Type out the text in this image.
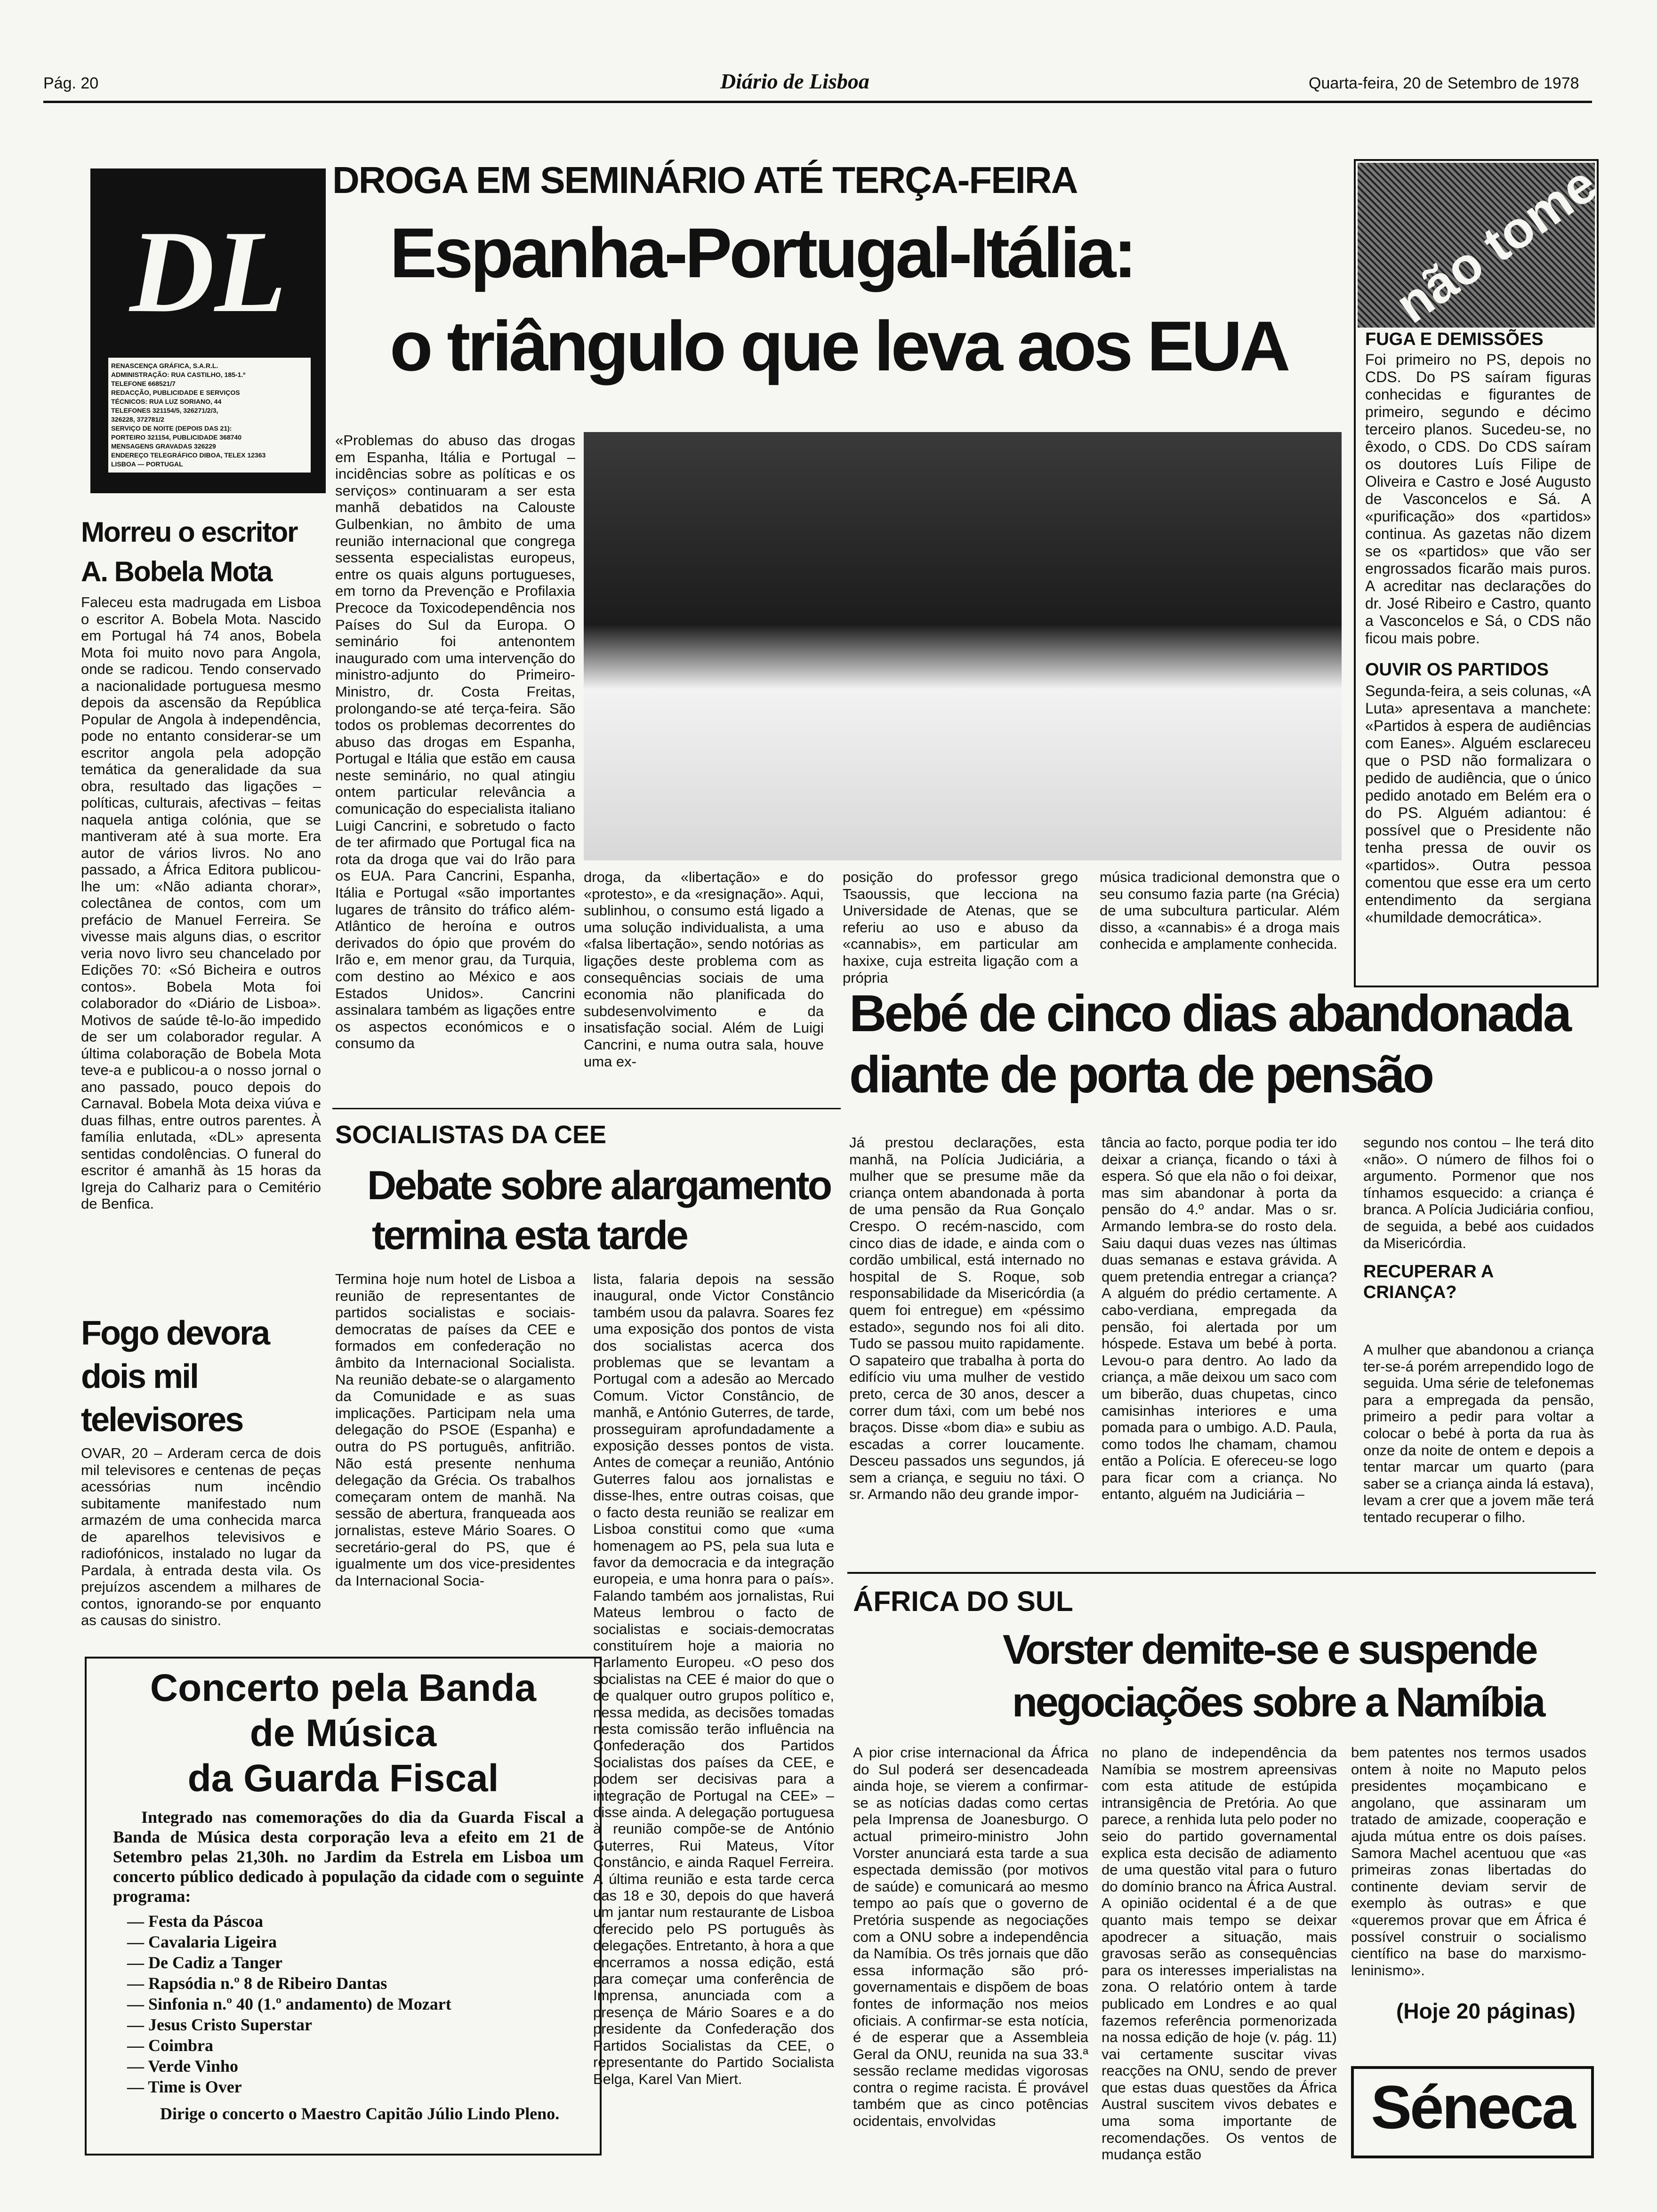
Pág. 20	Diário de Lisboa	Quarta-feira, 20 de Setembro de 1978
DL
RENASCENÇA GRÁFICA, S.A.R.L.
ADMINISTRAÇÃO: RUA CASTILHO, 185-1.º
TELEFONE 668521/7
REDACÇÃO, PUBLICIDADE E SERVIÇOS
TÉCNICOS: RUA LUZ SORIANO, 44
TELEFONES 321154/5, 326271/2/3,
326228, 372781/2
SERVIÇO DE NOITE (DEPOIS DAS 21):
PORTEIRO 321154, PUBLICIDADE 368740
MENSAGENS GRAVADAS 326229
ENDEREÇO TELEGRÁFICO DIBOA, TELEX 12363
LISBOA — PORTUGAL
DROGA EM SEMINÁRIO ATÉ TERÇA-FEIRA
Espanha-Portugal-Itália:
o triângulo que leva aos EUA
não tome
FUGA E DEMISSÕES
Foi primeiro no PS, depois no CDS. Do PS saíram figuras conhecidas e figurantes de primeiro, segundo e décimo terceiro planos. Sucedeu-se, no êxodo, o CDS. Do CDS saíram os doutores Luís Filipe de Oliveira e Castro e José Augusto de Vasconcelos e Sá. A «purificação» dos «partidos» continua. As gazetas não dizem se os «partidos» que vão ser engrossados ficarão mais puros. A acreditar nas declarações do dr. José Ribeiro e Castro, quanto a Vasconcelos e Sá, o CDS não ficou mais pobre.
OUVIR OS PARTIDOS
Segunda-feira, a seis colunas, «A Luta» apresentava a manchete: «Partidos à espera de audiências com Eanes». Alguém esclareceu que o PSD não formalizara o pedido de audiência, que o único pedido anotado em Belém era o do PS. Alguém adiantou: é possível que o Presidente não tenha pressa de ouvir os «partidos». Outra pessoa comentou que esse era um certo entendimento da sergiana «humildade democrática».
Morreu o escritor
A. Bobela Mota
Faleceu esta madrugada em Lisboa o escritor A. Bobela Mota. Nascido em Portugal há 74 anos, Bobela Mota foi muito novo para Angola, onde se radicou. Tendo conservado a nacionalidade portuguesa mesmo depois da ascensão da República Popular de Angola à independência, pode no entanto considerar-se um escritor angola pela adopção temática da generalidade da sua obra, resultado das ligações – políticas, culturais, afectivas – feitas naquela antiga colónia, que se mantiveram até à sua morte. Era autor de vários livros. No ano passado, a África Editora publicou-lhe um: «Não adianta chorar», colectânea de contos, com um prefácio de Manuel Ferreira. Se vivesse mais alguns dias, o escritor veria novo livro seu chancelado por Edições 70: «Só Bicheira e outros contos». Bobela Mota foi colaborador do «Diário de Lisboa». Motivos de saúde tê-lo-ão impedido de ser um colaborador regular. A última colaboração de Bobela Mota teve-a e publicou-a o nosso jornal o ano passado, pouco depois do Carnaval. Bobela Mota deixa viúva e duas filhas, entre outros parentes. À família enlutada, «DL» apresenta sentidas condolências. O funeral do escritor é amanhã às 15 horas da Igreja do Calhariz para o Cemitério de Benfica.
Fogo devora
dois mil
televisores
OVAR, 20 – Arderam cerca de dois mil televisores e centenas de peças acessórias num incêndio subitamente manifestado num armazém de uma conhecida marca de aparelhos televisivos e radiofónicos, instalado no lugar da Pardala, à entrada desta vila. Os prejuízos ascendem a milhares de contos, ignorando-se por enquanto as causas do sinistro.
«Problemas do abuso das drogas em Espanha, Itália e Portugal – incidências sobre as políticas e os serviços» continuaram a ser esta manhã debatidos na Calouste Gulbenkian, no âmbito de uma reunião internacional que congrega sessenta especialistas europeus, entre os quais alguns portugueses, em torno da Prevenção e Profilaxia Precoce da Toxicodependência nos Países do Sul da Europa. O seminário foi antenontem inaugurado com uma intervenção do ministro-adjunto do Primeiro-Ministro, dr. Costa Freitas, prolongando-se até terça-feira. São todos os problemas decorrentes do abuso das drogas em Espanha, Portugal e Itália que estão em causa neste seminário, no qual atingiu ontem particular relevância a comunicação do especialista italiano Luigi Cancrini, e sobretudo o facto de ter afirmado que Portugal fica na rota da droga que vai do Irão para os EUA. Para Cancrini, Espanha, Itália e Portugal «são importantes lugares de trânsito do tráfico além-Atlântico de heroína e outros derivados do ópio que provém do Irão e, em menor grau, da Turquia, com destino ao México e aos Estados Unidos». Cancrini assinalara também as ligações entre os aspectos económicos e o consumo da
droga, da «libertação» e do «protesto», e da «resignação». Aqui, sublinhou, o consumo está ligado a uma solução individualista, a uma «falsa libertação», sendo notórias as ligações deste problema com as consequências sociais de uma economia não planificada do subdesenvolvimento e da insatisfação social. Além de Luigi Cancrini, e numa outra sala, houve uma ex-
posição do professor grego Tsaoussis, que lecciona na Universidade de Atenas, que se referiu ao uso e abuso da «cannabis», em particular am haxixe, cuja estreita ligação com a própria
música tradicional demonstra que o seu consumo fazia parte (na Grécia) de uma subcultura particular. Além disso, a «cannabis» é a droga mais conhecida e amplamente conhecida.
SOCIALISTAS DA CEE
Debate sobre alargamento
termina esta tarde
Termina hoje num hotel de Lisboa a reunião de representantes de partidos socialistas e sociais-democratas de países da CEE e formados em confederação no âmbito da Internacional Socialista. Na reunião debate-se o alargamento da Comunidade e as suas implicações. Participam nela uma delegação do PSOE (Espanha) e outra do PS português, anfitrião. Não está presente nenhuma delegação da Grécia. Os trabalhos começaram ontem de manhã. Na sessão de abertura, franqueada aos jornalistas, esteve Mário Soares. O secretário-geral do PS, que é igualmente um dos vice-presidentes da Internacional Socia-
lista, falaria depois na sessão inaugural, onde Victor Constâncio também usou da palavra. Soares fez uma exposição dos pontos de vista dos socialistas acerca dos problemas que se levantam a Portugal com a adesão ao Mercado Comum. Victor Constâncio, de manhã, e António Guterres, de tarde, prosseguiram aprofundadamente a exposição desses pontos de vista. Antes de começar a reunião, António Guterres falou aos jornalistas e disse-lhes, entre outras coisas, que o facto desta reunião se realizar em Lisboa constitui como que «uma homenagem ao PS, pela sua luta e favor da democracia e da integração europeia, e uma honra para o país». Falando também aos jornalistas, Rui Mateus lembrou o facto de socialistas e sociais-democratas constituírem hoje a maioria no Parlamento Europeu. «O peso dos socialistas na CEE é maior do que o de qualquer outro grupos político e, nessa medida, as decisões tomadas nesta comissão terão influência na Confederação dos Partidos Socialistas dos países da CEE, e podem ser decisivas para a integração de Portugal na CEE» – disse ainda. A delegação portuguesa à reunião compõe-se de António Guterres, Rui Mateus, Vítor Constâncio, e ainda Raquel Ferreira. A última reunião e esta tarde cerca das 18 e 30, depois do que haverá um jantar num restaurante de Lisboa oferecido pelo PS português às delegações. Entretanto, à hora a que encerramos a nossa edição, está para começar uma conferência de Imprensa, anunciada com a presença de Mário Soares e a do presidente da Confederação dos Partidos Socialistas da CEE, o representante do Partido Socialista Belga, Karel Van Miert.
Concerto pela Banda
de Música
da Guarda Fiscal
Integrado nas comemorações do dia da Guarda Fiscal a Banda de Música desta corporação leva a efeito em 21 de Setembro pelas 21,30h. no Jardim da Estrela em Lisboa um concerto público dedicado à população da cidade com o seguinte programa:
— Festa da Páscoa
— Cavalaria Ligeira
— De Cadiz a Tanger
— Rapsódia n.º 8 de Ribeiro Dantas
— Sinfonia n.º 40 (1.º andamento) de Mozart
— Jesus Cristo Superstar
— Coimbra
— Verde Vinho
— Time is Over
Dirige o concerto o Maestro Capitão Júlio Lindo Pleno.
Bebé de cinco dias abandonada
diante de porta de pensão
Já prestou declarações, esta manhã, na Polícia Judiciária, a mulher que se presume mãe da criança ontem abandonada à porta de uma pensão da Rua Gonçalo Crespo. O recém-nascido, com cinco dias de idade, e ainda com o cordão umbilical, está internado no hospital de S. Roque, sob responsabilidade da Misericórdia (a quem foi entregue) em «péssimo estado», segundo nos foi ali dito. Tudo se passou muito rapidamente. O sapateiro que trabalha à porta do edifício viu uma mulher de vestido preto, cerca de 30 anos, descer a correr dum táxi, com um bebé nos braços. Disse «bom dia» e subiu as escadas a correr loucamente. Desceu passados uns segundos, já sem a criança, e seguiu no táxi. O sr. Armando não deu grande impor-
tância ao facto, porque podia ter ido deixar a criança, ficando o táxi à espera. Só que ela não o foi deixar, mas sim abandonar à porta da pensão do 4.º andar. Mas o sr. Armando lembra-se do rosto dela. Saiu daqui duas vezes nas últimas duas semanas e estava grávida. A quem pretendia entregar a criança? A alguém do prédio certamente. A cabo-verdiana, empregada da pensão, foi alertada por um hóspede. Estava um bebé à porta. Levou-o para dentro. Ao lado da criança, a mãe deixou um saco com um biberão, duas chupetas, cinco camisinhas interiores e uma pomada para o umbigo. A.D. Paula, como todos lhe chamam, chamou então a Polícia. E ofereceu-se logo para ficar com a criança. No entanto, alguém na Judiciária –
segundo nos contou – lhe terá dito «não». O número de filhos foi o argumento. Pormenor que nos tínhamos esquecido: a criança é branca. A Polícia Judiciária confiou, de seguida, a bebé aos cuidados da Misericórdia.
RECUPERAR A CRIANÇA?
A mulher que abandonou a criança ter-se-á porém arrependido logo de seguida. Uma série de telefonemas para a empregada da pensão, primeiro a pedir para voltar a colocar o bebé à porta da rua às onze da noite de ontem e depois a tentar marcar um quarto (para saber se a criança ainda lá estava), levam a crer que a jovem mãe terá tentado recuperar o filho.
ÁFRICA DO SUL
Vorster demite-se e suspende
negociações sobre a Namíbia
A pior crise internacional da África do Sul poderá ser desencadeada ainda hoje, se vierem a confirmar-se as notícias dadas como certas pela Imprensa de Joanesburgo. O actual primeiro-ministro John Vorster anunciará esta tarde a sua espectada demissão (por motivos de saúde) e comunicará ao mesmo tempo ao país que o governo de Pretória suspende as negociações com a ONU sobre a independência da Namíbia. Os três jornais que dão essa informação são pró-governamentais e dispõem de boas fontes de informação nos meios oficiais. A confirmar-se esta notícia, é de esperar que a Assembleia Geral da ONU, reunida na sua 33.ª sessão reclame medidas vigorosas contra o regime racista. É provável também que as cinco potências ocidentais, envolvidas
no plano de independência da Namíbia se mostrem apreensivas com esta atitude de estúpida intransigência de Pretória. Ao que parece, a renhida luta pelo poder no seio do partido governamental explica esta decisão de adiamento de uma questão vital para o futuro do domínio branco na África Austral. A opinião ocidental é a de que quanto mais tempo se deixar apodrecer a situação, mais gravosas serão as consequências para os interesses imperialistas na zona. O relatório ontem à tarde publicado em Londres e ao qual fazemos referência pormenorizada na nossa edição de hoje (v. pág. 11) vai certamente suscitar vivas reacções na ONU, sendo de prever que estas duas questões da África Austral suscitem vivos debates e uma soma importante de recomendações. Os ventos de mudança estão
bem patentes nos termos usados ontem à noite no Maputo pelos presidentes moçambicano e angolano, que assinaram um tratado de amizade, cooperação e ajuda mútua entre os dois países. Samora Machel acentuou que «as primeiras zonas libertadas do continente deviam servir de exemplo às outras» e que «queremos provar que em África é possível construir o socialismo científico na base do marxismo-leninismo».
(Hoje 20 páginas)
Séneca
